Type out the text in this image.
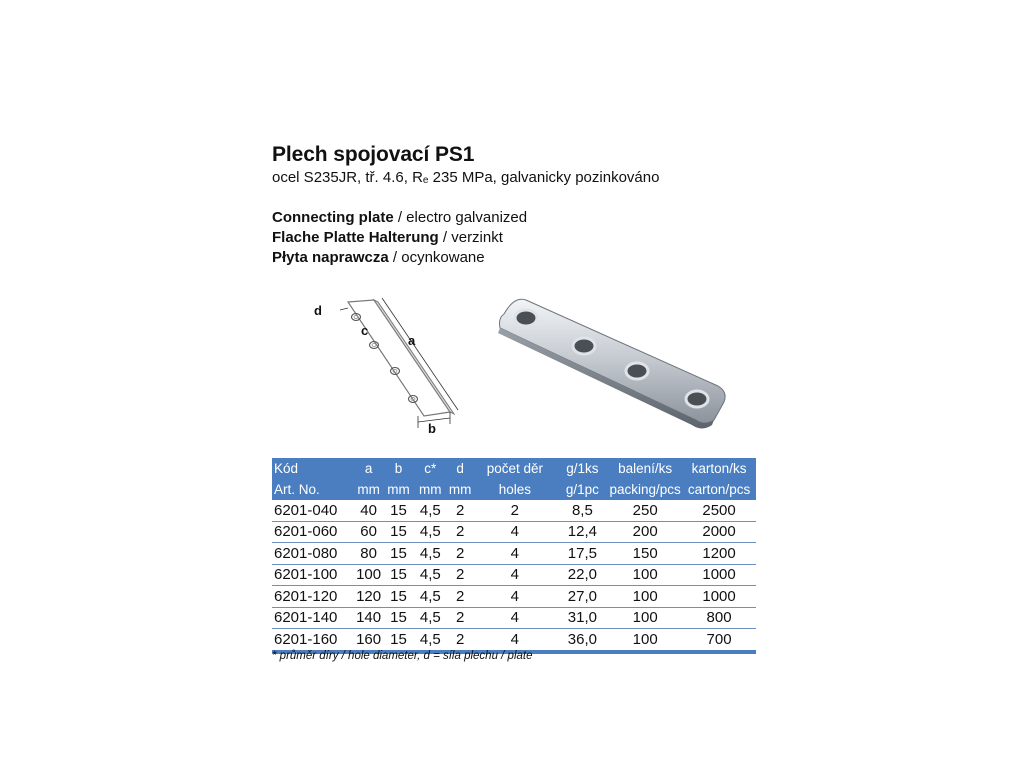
Plech spojovací PS1

ocel S235JR, tř. 4.6, $R_e$ 235 MPa, galvanicky pozinkováno

Connecting plate / electro galvanized
Flache Platte Halterung / verzinkt
Płyta naprawcza / ocynkowane
d
c
a
b
Kód	a	b	c*	d	počet děr	g/1ks	balení/ks	karton/ks
Art. No.	mm	mm	mm	mm	holes	g/1pc	packing/pcs	carton/pcs
6201-040	40	15	4,5	2	2	8,5	250	2500
6201-060	60	15	4,5	2	4	12,4	200	2000
6201-080	80	15	4,5	2	4	17,5	150	1200
6201-100	100	15	4,5	2	4	22,0	100	1000
6201-120	120	15	4,5	2	4	27,0	100	1000
6201-140	140	15	4,5	2	4	31,0	100	800
6201-160	160	15	4,5	2	4	36,0	100	700
* průměr díry / hole diameter, d = síla plechu / plate
